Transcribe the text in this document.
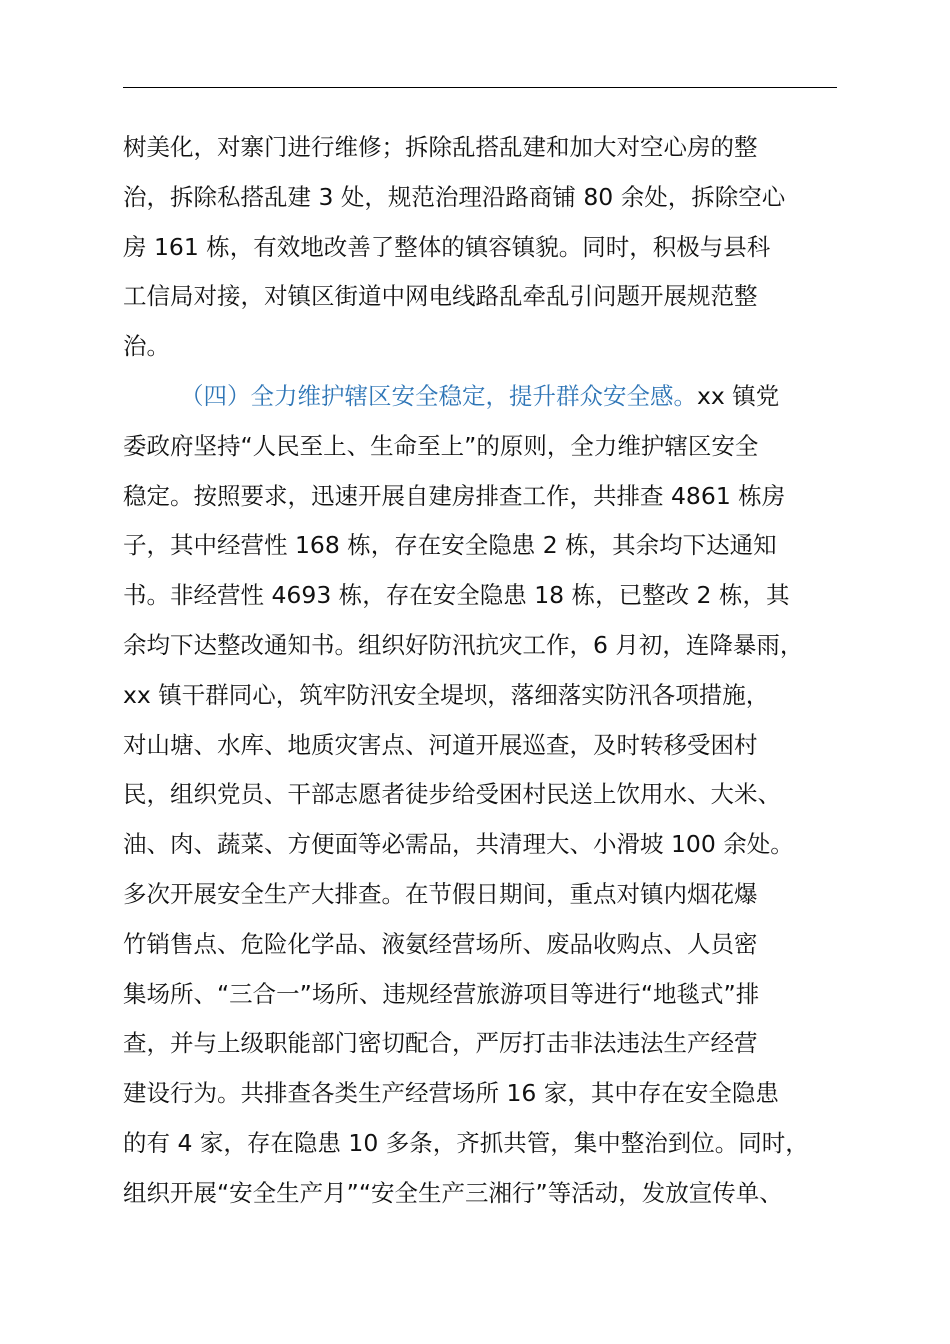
树美化，对寨门进行维修；拆除乱搭乱建和加大对空心房的整
治，拆除私搭乱建 3 处，规范治理沿路商铺 80 余处，拆除空心
房 161 栋，有效地改善了整体的镇容镇貌。同时，积极与县科
工信局对接，对镇区街道中网电线路乱牵乱引问题开展规范整
治。
（四）全力维护辖区安全稳定，提升群众安全感。xx 镇党
委政府坚持“人民至上、生命至上”的原则，全力维护辖区安全
稳定。按照要求，迅速开展自建房排查工作，共排查 4861 栋房
子，其中经营性 168 栋，存在安全隐患 2 栋，其余均下达通知
书。非经营性 4693 栋，存在安全隐患 18 栋，已整改 2 栋，其
余均下达整改通知书。组织好防汛抗灾工作，6 月初，连降暴雨，
xx 镇干群同心，筑牢防汛安全堤坝，落细落实防汛各项措施，
对山塘、水库、地质灾害点、河道开展巡查，及时转移受困村
民，组织党员、干部志愿者徒步给受困村民送上饮用水、大米、
油、肉、蔬菜、方便面等必需品，共清理大、小滑坡 100 余处。
多次开展安全生产大排查。在节假日期间，重点对镇内烟花爆
竹销售点、危险化学品、液氨经营场所、废品收购点、人员密
集场所、“三合一”场所、违规经营旅游项目等进行“地毯式”排
查，并与上级职能部门密切配合，严厉打击非法违法生产经营
建设行为。共排查各类生产经营场所 16 家，其中存在安全隐患
的有 4 家，存在隐患 10 多条，齐抓共管，集中整治到位。同时，
组织开展“安全生产月”“安全生产三湘行”等活动，发放宣传单、
